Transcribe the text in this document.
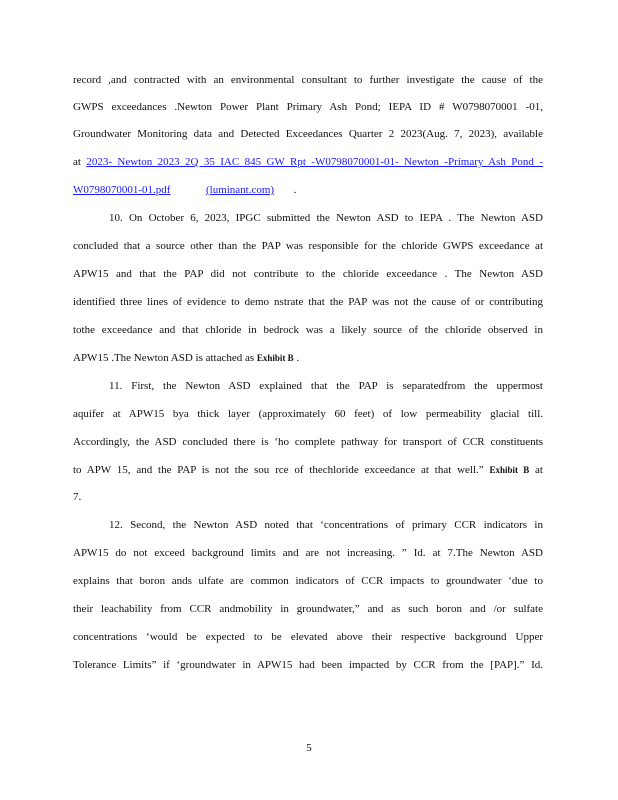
record ,and contracted with an environmental consultant to further investigate the cause of the
GWPS exceedances .Newton Power Plant Primary Ash Pond; IEPA ID # W0798070001 -01,
Groundwater Monitoring data and Detected Exceedances Quarter 2 2023(Aug. 7, 2023), available
at 2023- Newton 2023 2Q 35 IAC 845 GW Rpt -W0798070001-01- Newton -Primary Ash Pond -
W0798070001-01.pdf	(luminant.com) .
10. On October 6, 2023, IPGC submitted the Newton ASD to IEPA . The Newton ASD
concluded that a source other than the PAP was responsible for the chloride GWPS exceedance at
APW15 and that the PAP did not contribute to the chloride exceedance . The Newton ASD
identified three lines of evidence to demo nstrate that the PAP was not the cause of or contributing
tothe exceedance and that chloride in bedrock was a likely source of the chloride observed in
APW15 .The Newton ASD is attached as Exhibit B .
11. First, the Newton ASD explained that the PAP is separatedfrom the uppermost
aquifer at APW15 bya thick layer (approximately 60 feet) of low permeability glacial till.
Accordingly, the ASD concluded there is ‘ho complete pathway for transport of CCR constituents
to APW 15, and the PAP is not the sou rce of thechloride exceedance at that well.” Exhibit B at
7.
12. Second, the Newton ASD noted that ‘concentrations of primary CCR indicators in
APW15 do not exceed background limits and are not increasing. ” Id. at 7.The Newton ASD
explains that boron ands ulfate are common indicators of CCR impacts to groundwater ‘due to
their leachability from CCR andmobility in groundwater,” and as such boron and /or sulfate
concentrations ‘would be expected to be elevated above their respective background Upper
Tolerance Limits” if ‘groundwater in APW15 had been impacted by CCR from the [PAP].” Id.
5
